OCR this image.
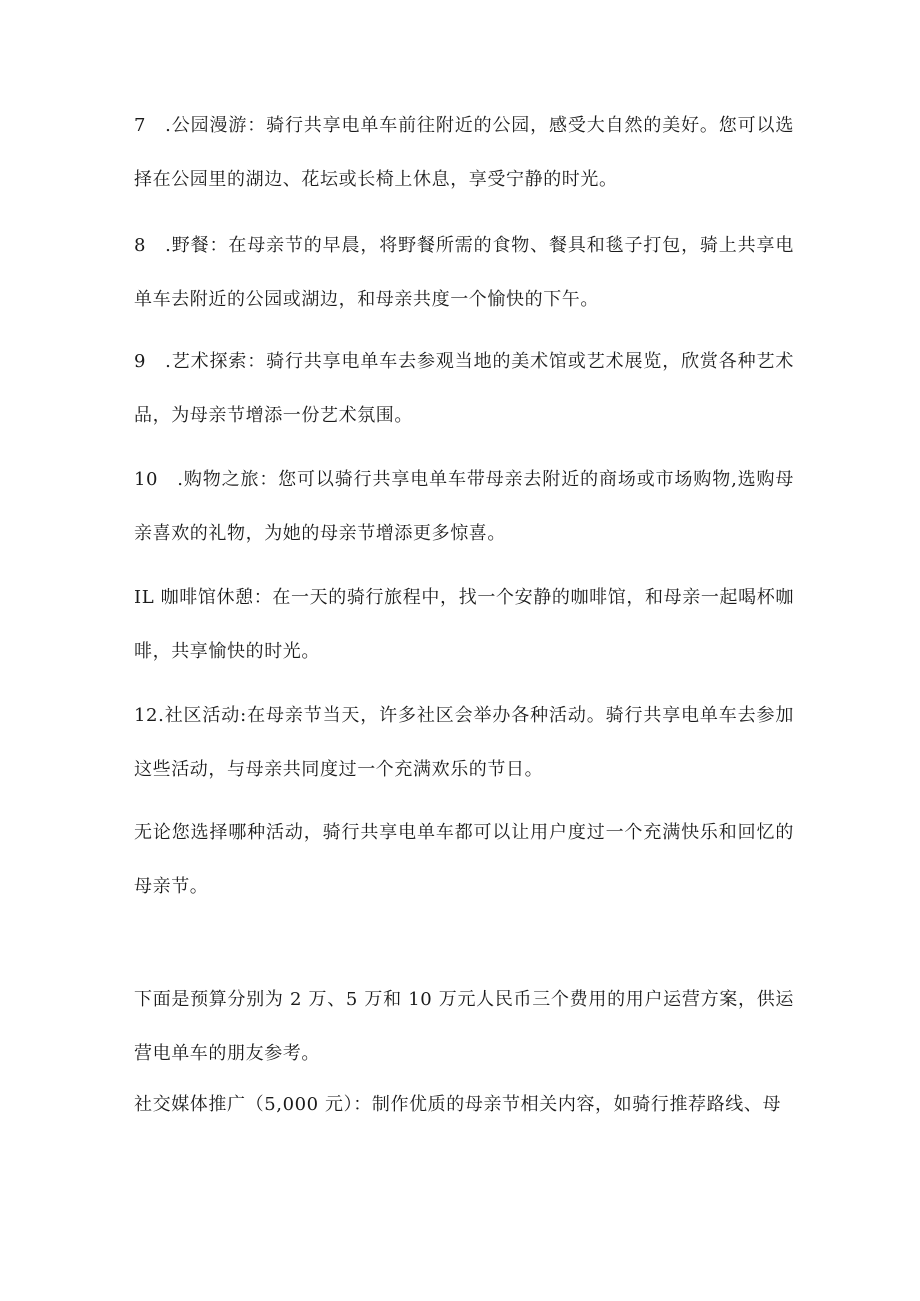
7　.公园漫游：骑行共享电单车前往附近的公园，感受大自然的美好。您可以选择在公园里的湖边、花坛或长椅上休息，享受宁静的时光。

8　.野餐：在母亲节的早晨，将野餐所需的食物、餐具和毯子打包，骑上共享电单车去附近的公园或湖边，和母亲共度一个愉快的下午。

9　.艺术探索：骑行共享电单车去参观当地的美术馆或艺术展览，欣赏各种艺术品，为母亲节增添一份艺术氛围。

10　.购物之旅：您可以骑行共享电单车带母亲去附近的商场或市场购物,选购母亲喜欢的礼物，为她的母亲节增添更多惊喜。

IL 咖啡馆休憩：在一天的骑行旅程中，找一个安静的咖啡馆，和母亲一起喝杯咖啡，共享愉快的时光。

12.社区活动:在母亲节当天，许多社区会举办各种活动。骑行共享电单车去参加这些活动，与母亲共同度过一个充满欢乐的节日。

无论您选择哪种活动，骑行共享电单车都可以让用户度过一个充满快乐和回忆的母亲节。

下面是预算分别为 2 万、5 万和 10 万元人民币三个费用的用户运营方案，供运营电单车的朋友参考。

社交媒体推广（5,000 元）：制作优质的母亲节相关内容，如骑行推荐路线、母
